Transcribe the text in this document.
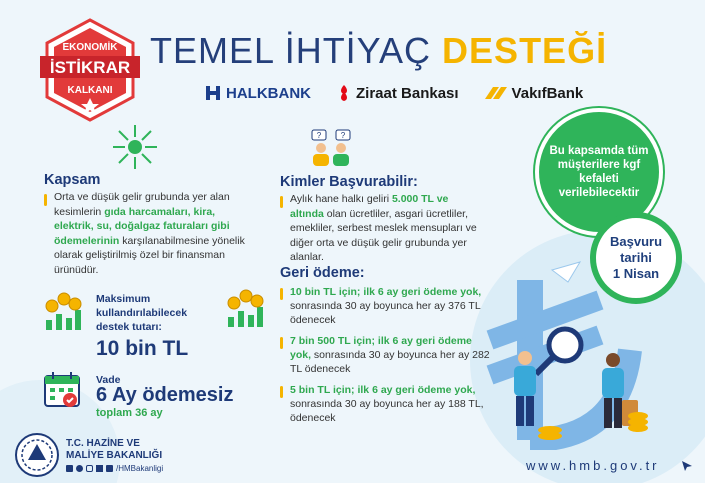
EKONOMİK
İSTİKRAR
KALKANI
TEMEL İHTİYAÇ DESTEĞİ
HALKBANK	Ziraat Bankası	VakıfBank
Bu kapsamda tüm müşterilere kgf kefaleti verilebilecektir
Başvuru
tarihi
1 Nisan
Kapsam
Orta ve düşük gelir grubunda yer alan kesimlerin gıda harcamaları, kira, elektrik, su, doğalgaz faturaları gibi ödemelerinin karşılanabilmesine yönelik olarak geliştirilmiş özel bir finansman ürünüdür.
Maksimum kullandırılabilecek destek tutarı:
10 bin TL
Vade
6 Ay ödemesiz
toplam 36 ay
? ?
Kimler Başvurabilir:
Aylık hane halkı geliri 5.000 TL ve altında olan ücretliler, asgari ücretliler, emekliler, serbest meslek mensupları ve diğer orta ve düşük gelir grubunda yer alanlar.
Geri ödeme:
10 bin TL için; ilk 6 ay geri ödeme yok, sonrasında 30 ay boyunca her ay 376 TL ödenecek
7 bin 500 TL için; ilk 6 ay geri ödeme yok, sonrasında 30 ay boyunca her ay 282 TL ödenecek
5 bin TL için; ilk 6 ay geri ödeme yok, sonrasında 30 ay boyunca her ay 188 TL, ödenecek
T.C. HAZİNE VE
MALİYE BAKANLIĞI
/HMBakanligi	www.hmb.gov.tr
